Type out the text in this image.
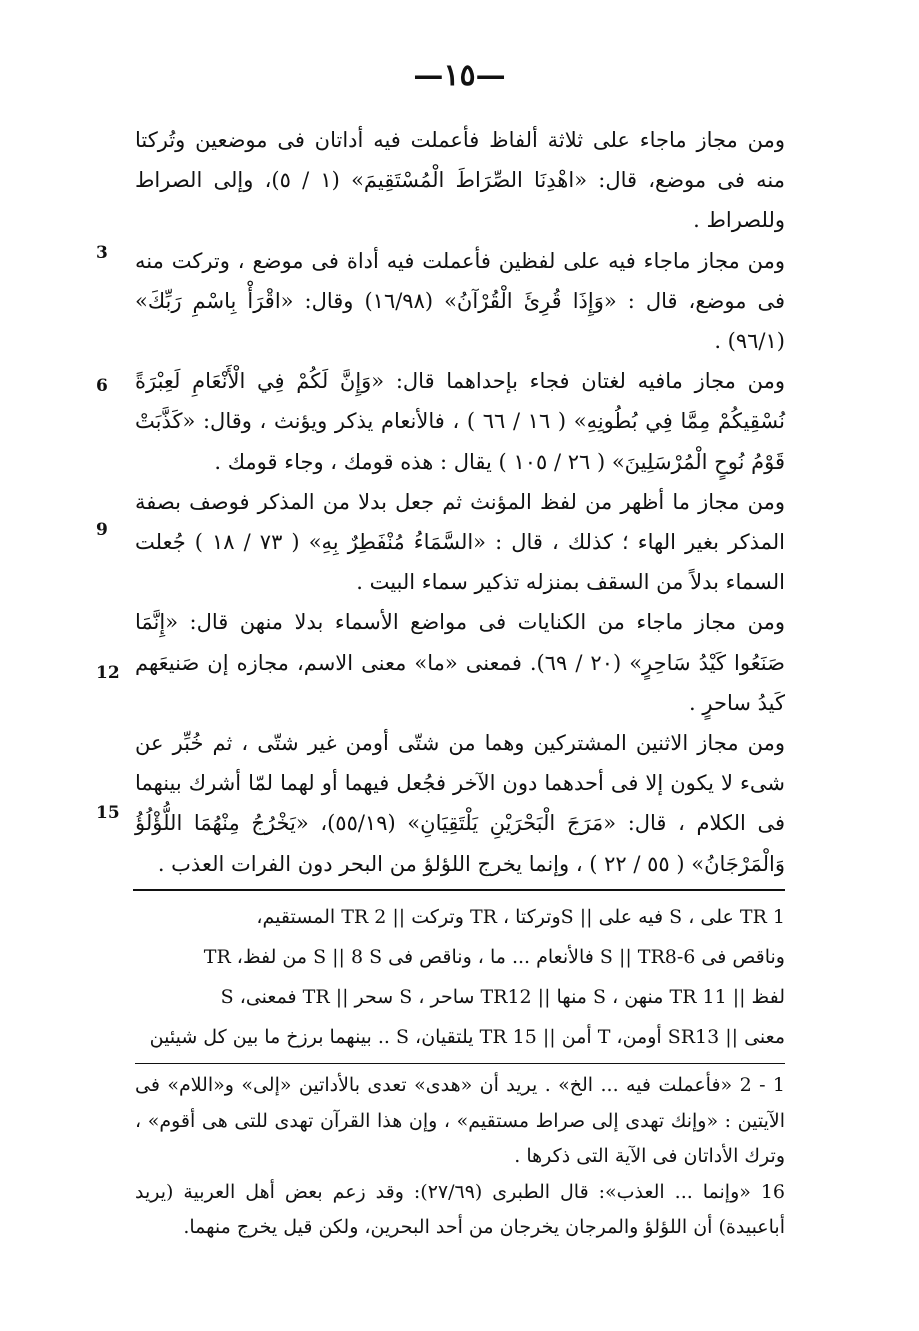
—١٥—
3
6
9
12
15

ومن مجاز ماجاء على ثلاثة ألفاظ فأعملت فيه أداتان فى موضعين وتُركتا منه فى موضع، قال: «اهْدِنَا الصِّرَاطَ الْمُسْتَقِيمَ» (١ / ٥)، وإلى الصراط وللصراط .

ومن مجاز ماجاء فيه على لفظين فأعملت فيه أداة فى موضع ، وتركت منه فى موضع، قال : «وَإِذَا قُرِئَ الْقُرْآنُ» (١٦/٩٨) وقال: «اقْرَأْ بِاسْمِ رَبِّكَ» (٩٦/١) .

ومن مجاز مافيه لغتان فجاء بإحداهما قال: «وَإِنَّ لَكُمْ فِي الْأَنْعَامِ لَعِبْرَةً نُسْقِيكُمْ مِمَّا فِي بُطُونِهِ» ( ١٦ / ٦٦ ) ، فالأنعام يذكر ويؤنث ، وقال: «كَذَّبَتْ قَوْمُ نُوحٍ الْمُرْسَلِينَ» ( ٢٦ / ١٠٥ ) يقال : هذه قومك ، وجاء قومك .

ومن مجاز ما أظهر من لفظ المؤنث ثم جعل بدلا من المذكر فوصف بصفة المذكر بغير الهاء ؛ كذلك ، قال : «السَّمَاءُ مُنْفَطِرٌ بِهِ» ( ٧٣ / ١٨ ) جُعلت السماء بدلاً من السقف بمنزله تذكير سماء البيت .

ومن مجاز ماجاء من الكنايات فى مواضع الأسماء بدلا منهن قال: «إِنَّمَا صَنَعُوا كَيْدُ سَاحِرٍ» (٢٠ / ٦٩). فمعنى «ما» معنى الاسم، مجازه إن صَنيعَهم كَيدُ ساحرٍ .

ومن مجاز الاثنين المشتركين وهما من شتّى أومن غير شتّى ، ثم خُبِّر عن شىء لا يكون إلا فى أحدهما دون الآخر فجُعل فيهما أو لهما لمّا أشرك بينهما فى الكلام ، قال: «مَرَجَ الْبَحْرَيْنِ يَلْتَقِيَانِ» (٥٥/١٩)، «يَخْرُجُ مِنْهُمَا اللُّؤْلُؤُ وَالْمَرْجَانُ» ( ٥٥ / ٢٢ ) ، وإنما يخرج اللؤلؤ من البحر دون الفرات العذب .

1 TR على ، S فيه على || Sوتركتا ، TR وتركت || TR 2 المستقيم،

وناقص فى S || TR8-6 فالأنعام ... ما ، وناقص فى S || 8 S من لفظ، TR

لفظ || 11 TR منهن ، S منها || TR12 ساحر ، S سحر || TR فمعنى، S

معنى || SR13 أومن، T أمن || 15 TR يلتقيان، S .. بينهما برزخ ما بين كل شيئين

1 - 2 «فأعملت فيه ... الخ» . يريد أن «هدى» تعدى بالأداتين «إلى» و«اللام» فى الآيتين : «وإنك تهدى إلى صراط مستقيم» ، وإن هذا القرآن تهدى للتى هى أقوم» ، وترك الأداتان فى الآية التى ذكرها .

16 «وإنما ... العذب»: قال الطبرى (٢٧/٦٩): وقد زعم بعض أهل العربية (يريد أباعبيدة) أن اللؤلؤ والمرجان يخرجان من أحد البحرين، ولكن قيل يخرج منهما.
